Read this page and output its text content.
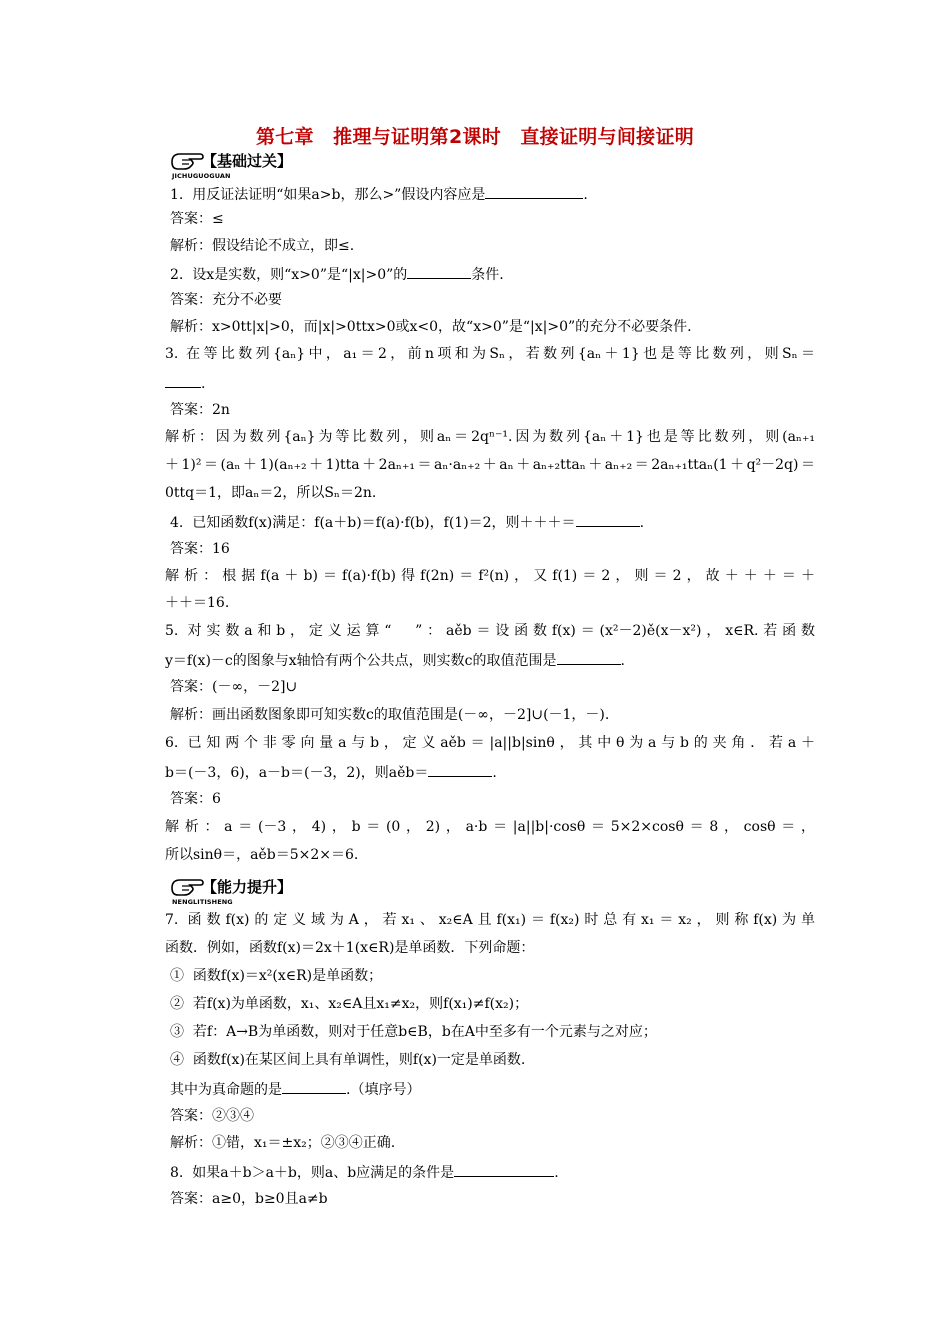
第七章　推理与证明第2课时　直接证明与间接证明
【基础过关】
JICHUGUOGUAN
1.  用反证法证明“如果a>b，那么>”假设内容应是	.
答案：≤
解析：假设结论不成立，即≤.
2.  设x是实数，则“x>0”是“|x|>0”的	条件.
答案：充分不必要
解析：x>0tt|x|>0，而|x|>0ttx>0或x<0，故“x>0”是“|x|>0”的充分不必要条件.
3. 在等比数列{aₙ}中，a₁＝2，前n项和为Sₙ，若数列{aₙ＋1}也是等比数列，则Sₙ＝
.
答案：2n
解析：因为数列{aₙ}为等比数列，则aₙ＝2qⁿ⁻¹.因为数列{aₙ＋1}也是等比数列，则(aₙ₊₁
＋1)²＝(aₙ＋1)(aₙ₊₂＋1)tta＋2aₙ₊₁＝aₙ·aₙ₊₂＋aₙ＋aₙ₊₂ttaₙ＋aₙ₊₂＝2aₙ₊₁ttaₙ(1＋q²－2q)＝
0ttq＝1，即aₙ＝2，所以Sₙ＝2n.
4.  已知函数f(x)满足：f(a＋b)＝f(a)·f(b)，f(1)＝2，则＋＋＋＝	.
答案：16
解析：根据f(a＋b)＝f(a)·f(b)得f(2n)＝f²(n)，又f(1)＝2，则＝2，故＋＋＋＝＋
＋＋＝16.
5. 对实数a和b，定义运算“　”：aěb＝设函数f(x)＝(x²－2)ě(x－x²)，x∈R.若函数
y＝f(x)－c的图象与x轴恰有两个公共点，则实数c的取值范围是	.
答案：(－∞，－2]∪
解析：画出函数图象即可知实数c的取值范围是(－∞，－2]∪(－1，－).
6. 已知两个非零向量a与b，定义aěb＝|a||b|sinθ，其中θ为a与b的夹角．若a＋
b＝(－3，6)，a－b＝(－3，2)，则aěb＝	.
答案：6
解析：a＝(－3，4)，b＝(0，2)，a·b＝|a||b|·cosθ＝5×2×cosθ＝8，cosθ＝，
所以sinθ＝，aěb＝5×2×＝6.
【能力提升】
NENGLITISHENG
7. 函数f(x)的定义域为A，若x₁、x₂∈A且f(x₁)＝f(x₂)时总有x₁＝x₂，则称f(x)为单
函数．例如，函数f(x)＝2x＋1(x∈R)是单函数．下列命题：
①  函数f(x)＝x²(x∈R)是单函数；
②  若f(x)为单函数，x₁、x₂∈A且x₁≠x₂，则f(x₁)≠f(x₂)；
③  若f：A→B为单函数，则对于任意b∈B，b在A中至多有一个元素与之对应；
④  函数f(x)在某区间上具有单调性，则f(x)一定是单函数.
其中为真命题的是	.（填序号）
答案：②③④
解析：①错，x₁＝±x₂；②③④正确.
8.  如果a＋b＞a＋b，则a、b应满足的条件是	.
答案：a≥0，b≥0且a≠b
